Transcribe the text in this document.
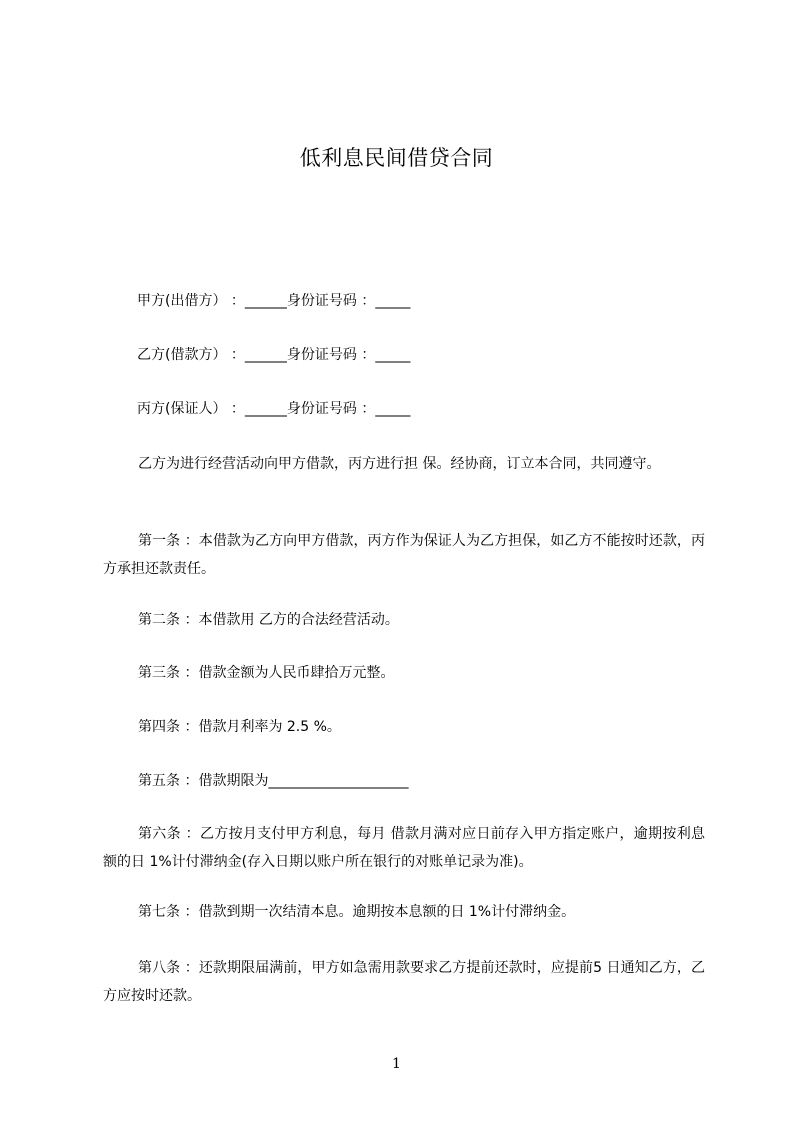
低利息民间借贷合同
甲方(出借方） ：______身份证号码 ：_____
乙方(借款方） ：______身份证号码 ：_____
丙方(保证人） ：______身份证号码 ：_____
乙方为进行经营活动向甲方借款，丙方进行担 保。经协商，订立本合同，共同遵守。
第一条 ：本借款为乙方向甲方借款，丙方作为保证人为乙方担保，如乙方不能按时还款，丙方承担还款责任。
第二条 ：本借款用 乙方的合法经营活动。
第三条 ：借款金额为人民币肆拾万元整。
第四条 ：借款月利率为 2.5 %。
第五条 ：借款期限为____________________
第六条 ：乙方按月支付甲方利息，每月 借款月满对应日前存入甲方指定账户，逾期按利息额的日 1%计付滞纳金(存入日期以账户所在银行的对账单记录为准)。
第七条 ：借款到期一次结清本息。逾期按本息额的日 1%计付滞纳金。
第八条 ：还款期限届满前，甲方如急需用款要求乙方提前还款时，应提前5 日通知乙方，乙方应按时还款。
1
